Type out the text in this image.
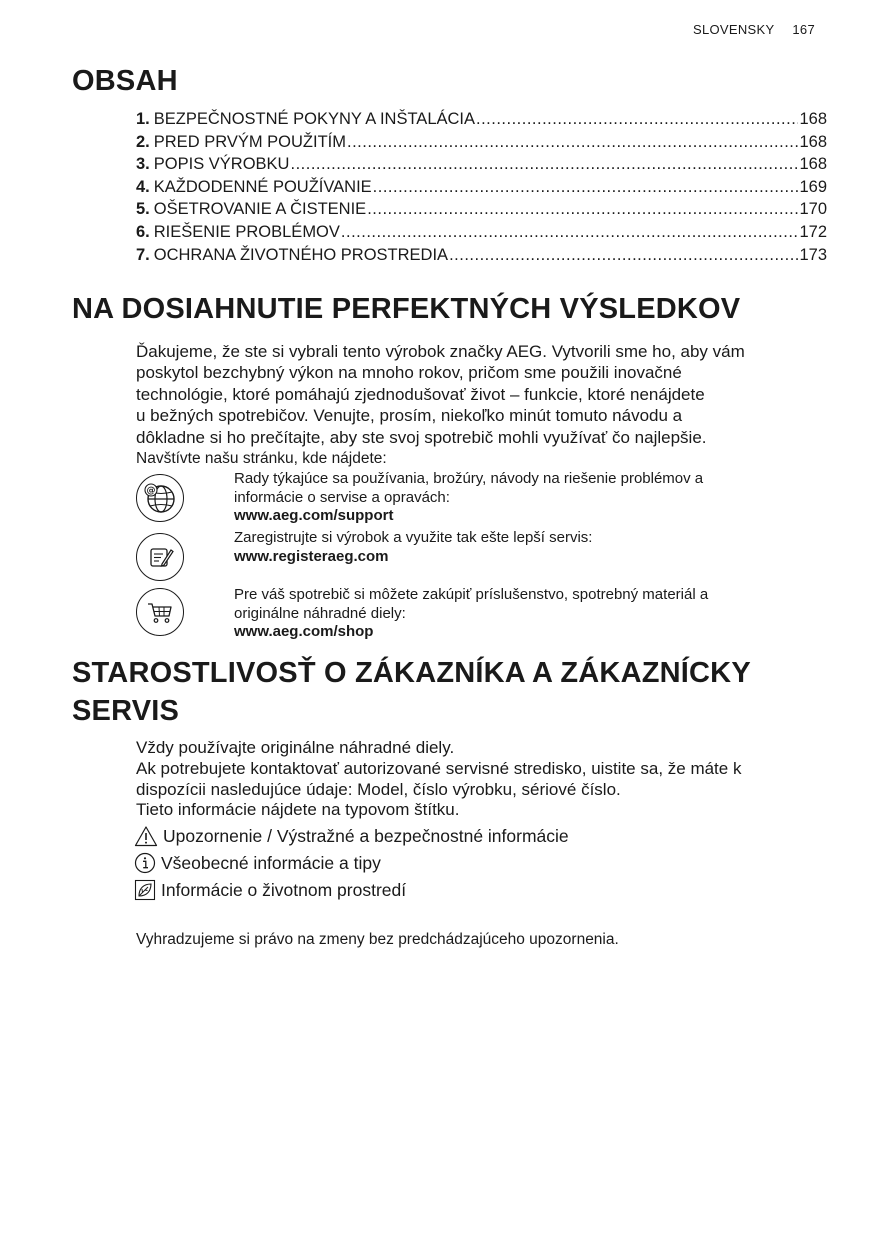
SLOVENSKY 167
OBSAH
1. BEZPEČNOSTNÉ POKYNY A INŠTALÁCIA .....	168
2. PRED PRVÝM POUŽITÍM .....	168
3. POPIS VÝROBKU .....	168
4. KAŽDODENNÉ POUŽÍVANIE .....	169
5. OŠETROVANIE A ČISTENIE .....	170
6. RIEŠENIE PROBLÉMOV .....	172
7. OCHRANA ŽIVOTNÉHO PROSTREDIA .....	173
NA DOSIAHNUTIE PERFEKTNÝCH VÝSLEDKOV

Ďakujeme, že ste si vybrali tento výrobok značky AEG. Vytvorili sme ho, aby vám

poskytol bezchybný výkon na mnoho rokov, pričom sme použili inovačné

technológie, ktoré pomáhajú zjednodušovať život – funkcie, ktoré nenájdete

u bežných spotrebičov. Venujte, prosím, niekoľko minút tomuto návodu a

dôkladne si ho prečítajte, aby ste svoj spotrebič mohli využívať čo najlepšie.

Navštívte našu stránku, kde nájdete:

@
Rady týkajúce sa používania, brožúry, návody na riešenie problémov a
informácie o servise a opravách:
www.aeg.com/support
Zaregistrujte si výrobok a využite tak ešte lepší servis:
www.registeraeg.com
Pre váš spotrebič si môžete zakúpiť príslušenstvo, spotrebný materiál a
originálne náhradné diely:
www.aeg.com/shop
STAROSTLIVOSŤ O ZÁKAZNÍKA A ZÁKAZNÍCKY
SERVIS

Vždy používajte originálne náhradné diely.

Ak potrebujete kontaktovať autorizované servisné stredisko, uistite sa, že máte k

dispozícii nasledujúce údaje: Model, číslo výrobku, sériové číslo.

Tieto informácie nájdete na typovom štítku.

Upozornenie / Výstražné a bezpečnostné informácie
Všeobecné informácie a tipy
Informácie o životnom prostredí
Vyhradzujeme si právo na zmeny bez predchádzajúceho upozornenia.
